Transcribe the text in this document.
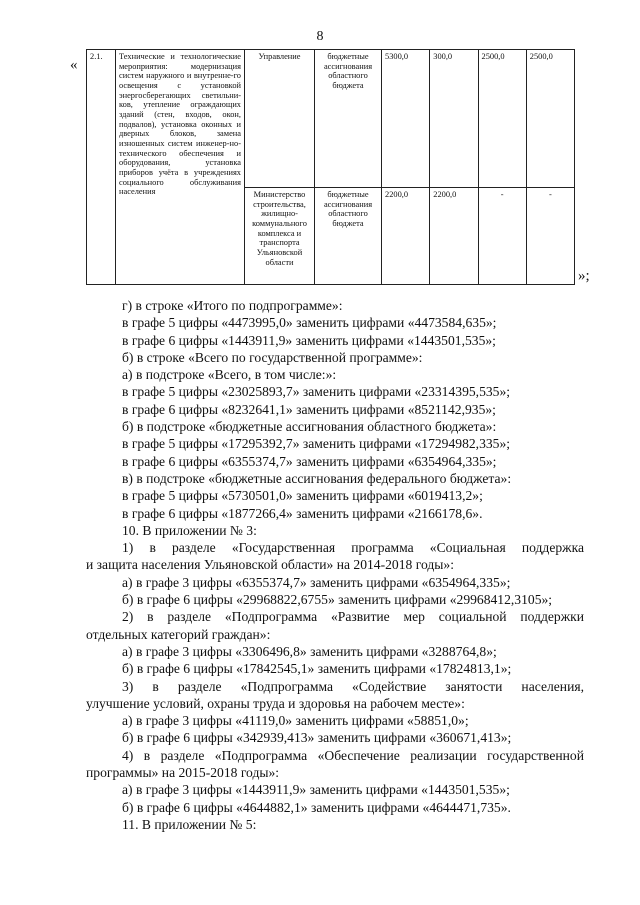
8
«
»;
2.1.	Технические и технологические мероприятия: модернизация систем наружного и внутренне-го освещения с установкой энергосберегающих светильни-ков, утепление ограждающих зданий (стен, входов, окон, подвалов), установка оконных и дверных блоков, замена изношенных систем инженер-но-технического обеспечения и оборудования, установка приборов учёта в учреждениях социального обслуживания населения	Управление	бюджетные ассигнования областного бюджета	5300,0	300,0	2500,0	2500,0
		Министерство строительства, жилищно-коммунального комплекса и транспорта Ульяновской области	бюджетные ассигнования областного бюджета	2200,0	2200,0	-	-
г) в строке «Итого по подпрограмме»:
в графе 5 цифры «4473995,0» заменить цифрами «4473584,635»;
в графе 6 цифры «1443911,9» заменить цифрами «1443501,535»;
б) в строке «Всего по государственной программе»:
а) в подстроке «Всего, в том числе:»:
в графе 5 цифры «23025893,7» заменить цифрами «23314395,535»;
в графе 6 цифры «8232641,1» заменить цифрами «8521142,935»;
б) в подстроке «бюджетные ассигнования областного бюджета»:
в графе 5 цифры «17295392,7» заменить цифрами «17294982,335»;
в графе 6 цифры «6355374,7» заменить цифрами «6354964,335»;
в) в подстроке «бюджетные ассигнования федерального бюджета»:
в графе 5 цифры «5730501,0» заменить цифрами «6019413,2»;
в графе 6 цифры «1877266,4» заменить цифрами «2166178,6».
10. В приложении № 3:
1) в разделе «Государственная программа «Социальная поддержка
и защита населения Ульяновской области» на 2014-2018 годы»:
а) в графе 3 цифры «6355374,7» заменить цифрами «6354964,335»;
б) в графе 6 цифры «29968822,6755» заменить цифрами «29968412,3105»;
2) в разделе «Подпрограмма «Развитие мер социальной поддержки
отдельных категорий граждан»:
а) в графе 3 цифры «3306496,8» заменить цифрами «3288764,8»;
б) в графе 6 цифры «17842545,1» заменить цифрами «17824813,1»;
3) в разделе «Подпрограмма «Содействие занятости населения,
улучшение условий, охраны труда и здоровья на рабочем месте»:
а) в графе 3 цифры «41119,0» заменить цифрами «58851,0»;
б) в графе 6 цифры «342939,413» заменить цифрами «360671,413»;
4) в разделе «Подпрограмма «Обеспечение реализации государственной
программы» на 2015-2018 годы»:
а) в графе 3 цифры «1443911,9» заменить цифрами «1443501,535»;
б) в графе 6 цифры «4644882,1» заменить цифрами «4644471,735».
11. В приложении № 5:
